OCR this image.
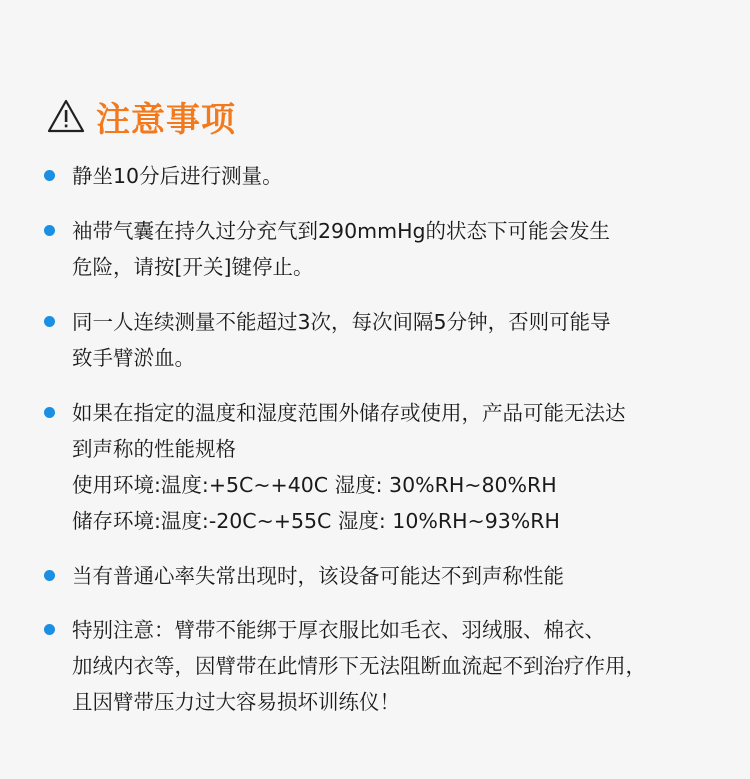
注意事项
静坐10分后进行测量。
袖带气囊在持久过分充气到290mmHg的状态下可能会发生
危险，请按[开关]键停止。
同一人连续测量不能超过3次，每次间隔5分钟，否则可能导
致手臂淤血。
如果在指定的温度和湿度范围外储存或使用，产品可能无法达
到声称的性能规格
使用环境:温度:+5C~+40C 湿度: 30%RH~80%RH
储存环境:温度:-20C~+55C 湿度: 10%RH~93%RH
当有普通心率失常出现时，该设备可能达不到声称性能
特别注意：臂带不能绑于厚衣服比如毛衣、羽绒服、棉衣、
加绒内衣等，因臂带在此情形下无法阻断血流起不到治疗作用，
且因臂带压力过大容易损坏训练仪！
